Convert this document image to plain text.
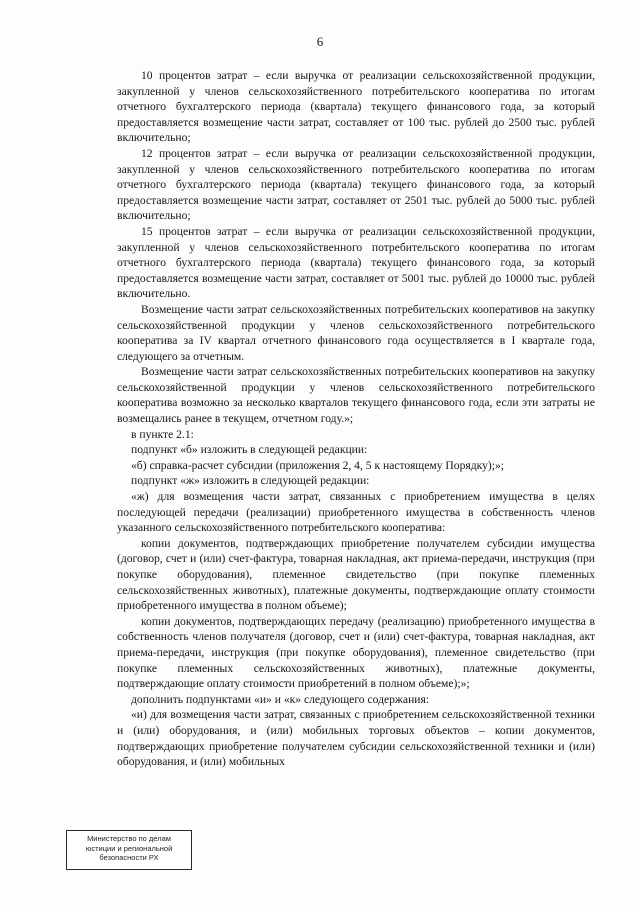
6

10 процентов затрат – если выручка от реализации сельскохозяйственной продукции, закупленной у членов сельскохозяйственного потребительского кооператива по итогам отчетного бухгалтерского периода (квартала) текущего финансового года, за который предоставляется возмещение части затрат, составляет от 100 тыс. рублей до 2500 тыс. рублей включительно;

12 процентов затрат – если выручка от реализации сельскохозяйственной продукции, закупленной у членов сельскохозяйственного потребительского кооператива по итогам отчетного бухгалтерского периода (квартала) текущего финансового года, за который предоставляется возмещение части затрат, составляет от 2501 тыс. рублей до 5000 тыс. рублей включительно;

15 процентов затрат – если выручка от реализации сельскохозяйственной продукции, закупленной у членов сельскохозяйственного потребительского кооператива по итогам отчетного бухгалтерского периода (квартала) текущего финансового года, за который предоставляется возмещение части затрат, составляет от 5001 тыс. рублей до 10000 тыс. рублей включительно.

Возмещение части затрат сельскохозяйственных потребительских кооперативов на закупку сельскохозяйственной продукции у членов сельскохозяйственного потребительского кооператива за IV квартал отчетного финансового года осуществляется в I квартале года, следующего за отчетным.

Возмещение части затрат сельскохозяйственных потребительских кооперативов на закупку сельскохозяйственной продукции у членов сельскохозяйственного потребительского кооператива возможно за несколько кварталов текущего финансового года, если эти затраты не возмещались ранее в текущем, отчетном году.»;

в пункте 2.1:

подпункт «б» изложить в следующей редакции:

«б) справка-расчет субсидии (приложения 2, 4, 5 к настоящему Порядку);»;

подпункт «ж» изложить в следующей редакции:

«ж) для возмещения части затрат, связанных с приобретением имущества в целях последующей передачи (реализации) приобретенного имущества в собственность членов указанного сельскохозяйственного потребительского кооператива:

копии документов, подтверждающих приобретение получателем субсидии имущества (договор, счет и (или) счет-фактура, товарная накладная, акт приема-передачи, инструкция (при покупке оборудования), племенное свидетельство (при покупке племенных сельскохозяйственных животных), платежные документы, подтверждающие оплату стоимости приобретенного имущества в полном объеме);

копии документов, подтверждающих передачу (реализацию) приобретенного имущества в собственность членов получателя (договор, счет и (или) счет-фактура, товарная накладная, акт приема-передачи, инструкция (при покупке оборудования), племенное свидетельство (при покупке племенных сельскохозяйственных животных), платежные документы, подтверждающие оплату стоимости приобретений в полном объеме);»;

дополнить подпунктами «и» и «к» следующего содержания:

«и) для возмещения части затрат, связанных с приобретением сельскохозяйственной техники и (или) оборудования, и (или) мобильных торговых объектов – копии документов, подтверждающих приобретение получателем субсидии сельскохозяйственной техники и (или) оборудования, и (или) мобильных

Министерство по делам
юстиции и региональной
безопасности РХ
